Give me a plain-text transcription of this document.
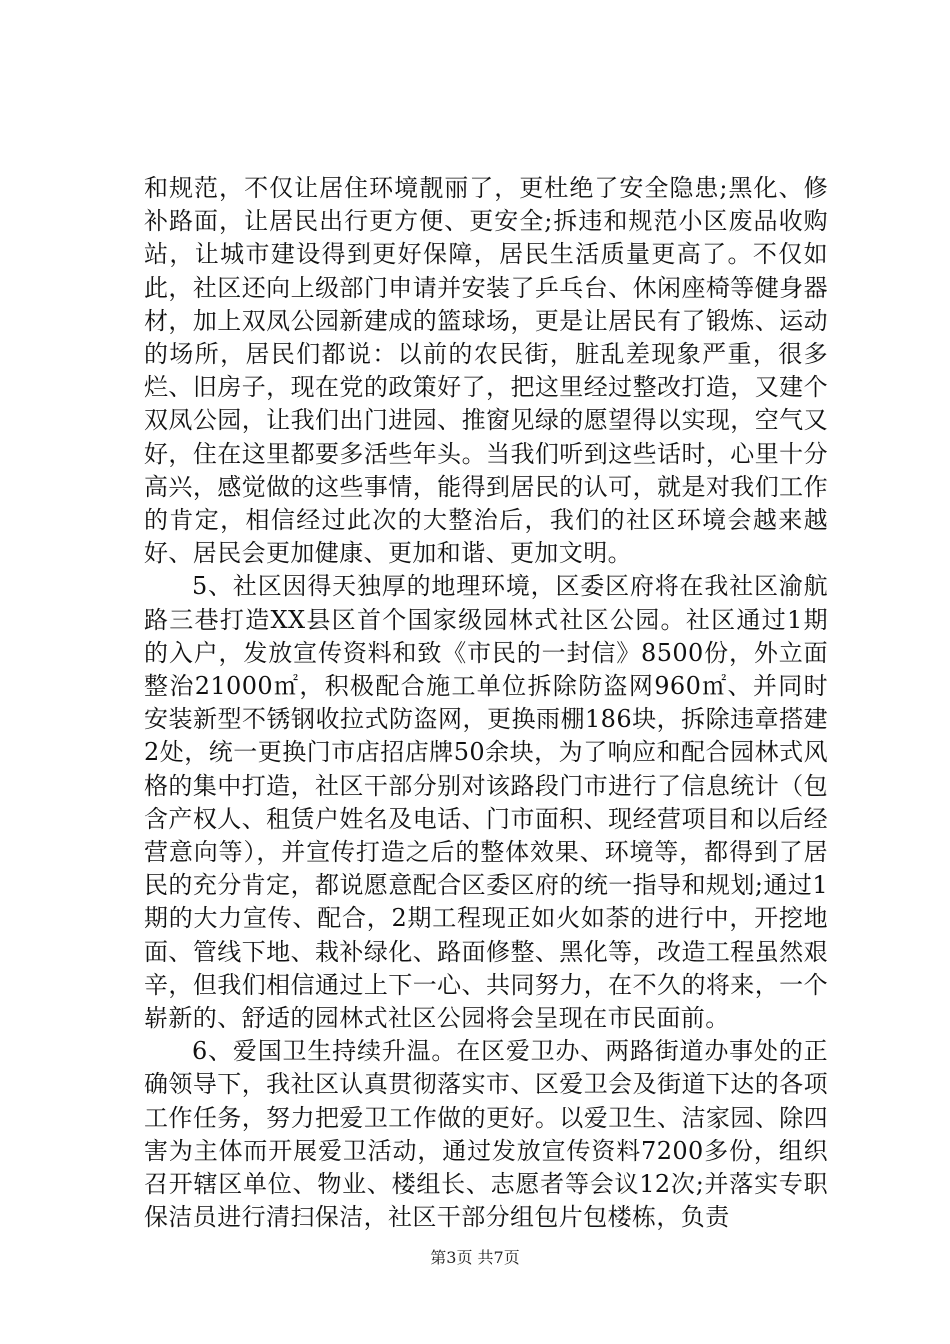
和规范，不仅让居住环境靓丽了，更杜绝了安全隐患;黑化、修补路面，让居民出行更方便、更安全;拆违和规范小区废品收购站，让城市建设得到更好保障，居民生活质量更高了。不仅如此，社区还向上级部门申请并安装了乒乓台、休闲座椅等健身器材，加上双凤公园新建成的篮球场，更是让居民有了锻炼、运动的场所，居民们都说：以前的农民街，脏乱差现象严重，很多烂、旧房子，现在党的政策好了，把这里经过整改打造，又建个双凤公园，让我们出门进园、推窗见绿的愿望得以实现，空气又好，住在这里都要多活些年头。当我们听到这些话时，心里十分高兴，感觉做的这些事情，能得到居民的认可，就是对我们工作的肯定，相信经过此次的大整治后，我们的社区环境会越来越好、居民会更加健康、更加和谐、更加文明。

5、社区因得天独厚的地理环境，区委区府将在我社区渝航路三巷打造XX县区首个国家级园林式社区公园。社区通过1期的入户，发放宣传资料和致《市民的一封信》8500份，外立面整治21000㎡，积极配合施工单位拆除防盗网960㎡、并同时安装新型不锈钢收拉式防盗网，更换雨棚186块，拆除违章搭建2处，统一更换门市店招店牌50余块，为了响应和配合园林式风格的集中打造，社区干部分别对该路段门市进行了信息统计（包含产权人、租赁户姓名及电话、门市面积、现经营项目和以后经营意向等），并宣传打造之后的整体效果、环境等，都得到了居民的充分肯定，都说愿意配合区委区府的统一指导和规划;通过1期的大力宣传、配合，2期工程现正如火如荼的进行中，开挖地面、管线下地、栽补绿化、路面修整、黑化等，改造工程虽然艰辛，但我们相信通过上下一心、共同努力，在不久的将来，一个崭新的、舒适的园林式社区公园将会呈现在市民面前。

6、爱国卫生持续升温。在区爱卫办、两路街道办事处的正确领导下，我社区认真贯彻落实市、区爱卫会及街道下达的各项工作任务，努力把爱卫工作做的更好。以爱卫生、洁家园、除四害为主体而开展爱卫活动，通过发放宣传资料7200多份，组织召开辖区单位、物业、楼组长、志愿者等会议12次;并落实专职保洁员进行清扫保洁，社区干部分组包片包楼栋，负责

第3页 共7页
